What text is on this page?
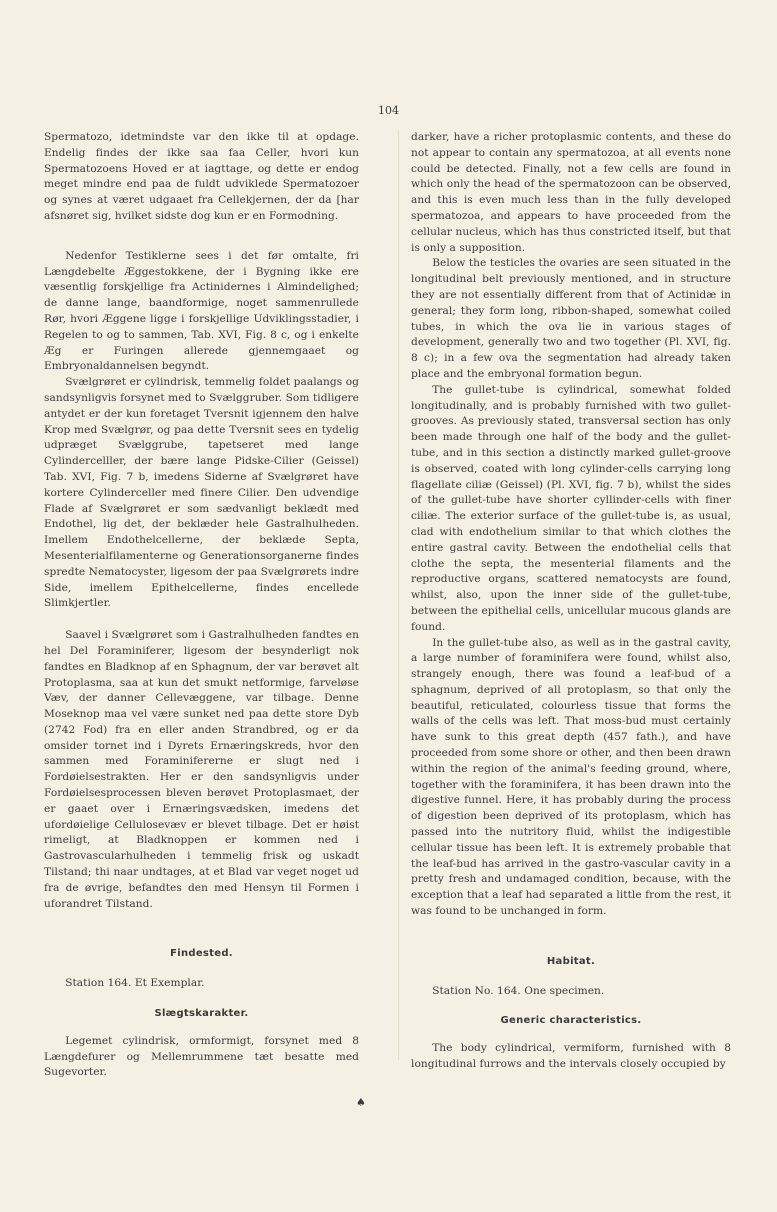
104

Spermatozo, idetmindste var den ikke til at opdage. Endelig findes der ikke saa faa Celler, hvori kun Spermatozoens Hoved er at iagttage, og dette er endog meget mindre end paa de fuldt udviklede Spermatozoer og synes at været udgaaet fra Cellekjernen, der da [har afsnøret sig, hvilket sidste dog kun er en Formodning.

Nedenfor Testiklerne sees i det før omtalte, fri Længdebelte Æggestokkene, der i Bygning ikke ere væsentlig forskjellige fra Actinidernes i Almindelighed; de danne lange, baandformige, noget sammenrullede Rør, hvori Æggene ligge i forskjellige Udviklingsstadier, i Regelen to og to sammen, Tab. XVI, Fig. 8 c, og i enkelte Æg er Furingen allerede gjennemgaaet og Embryonaldannelsen begyndt.

Svælgrøret er cylindrisk, temmelig foldet paalangs og sandsynligvis forsynet med to Svælggruber. Som tidligere antydet er der kun foretaget Tversnit igjennem den halve Krop med Svælgrør, og paa dette Tversnit sees en tydelig udpræget Svælggrube, tapetseret med lange Cylindercelller, der bære lange Pidske-Cilier (Geissel) Tab. XVI, Fig. 7 b, imedens Siderne af Svælgrøret have kortere Cylinderceller med finere Cilier. Den udvendige Flade af Svælgrøret er som sædvanligt beklædt med Endothel, lig det, der beklæder hele Gastralhulheden. Imellem Endothelcellerne, der beklæde Septa, Mesenterialfilamenterne og Generationsorganerne findes spredte Nematocyster, ligesom der paa Svælgrørets indre Side, imellem Epithelcellerne, findes encellede Slimkjertler.

Saavel i Svælgrøret som i Gastralhulheden fandtes en hel Del Foraminiferer, ligesom der besynderligt nok fandtes en Bladknop af en Sphagnum, der var berøvet alt Protoplasma, saa at kun det smukt netformige, farveløse Væv, der danner Cellevæggene, var tilbage. Denne Moseknop maa vel være sunket ned paa dette store Dyb (2742 Fod) fra en eller anden Strandbred, og er da omsider tornet ind i Dyrets Ernæringskreds, hvor den sammen med Foraminifererne er slugt ned i Fordøielsestrakten. Her er den sandsynligvis under Fordøielsesprocessen bleven berøvet Protoplasmaet, der er gaaet over i Ernæringsvædsken, imedens det ufordøielige Cellulosevæv er blevet tilbage. Det er høist rimeligt, at Bladknoppen er kommen ned i Gastrovascularhulheden i temmelig frisk og uskadt Tilstand; thi naar undtages, at et Blad var veget noget ud fra de øvrige, befandtes den med Hensyn til Formen i uforandret Tilstand.

Findested.

Station 164. Et Exemplar.

Slægtskarakter.

Legemet cylindrisk, ormformigt, forsynet med 8 Længdefurer og Mellemrummene tæt besatte med Sugevorter.

darker, have a richer protoplasmic contents, and these do not appear to contain any spermatozoa, at all events none could be detected. Finally, not a few cells are found in which only the head of the spermatozoon can be observed, and this is even much less than in the fully developed spermatozoa, and appears to have proceeded from the cellular nucleus, which has thus constricted itself, but that is only a supposition.

Below the testicles the ovaries are seen situated in the longitudinal belt previously mentioned, and in structure they are not essentially different from that of Actinidæ in general; they form long, ribbon-shaped, somewhat coiled tubes, in which the ova lie in various stages of development, generally two and two together (Pl. XVI, fig. 8 c); in a few ova the segmentation had already taken place and the embryonal formation begun.

The gullet-tube is cylindrical, somewhat folded longitudinally, and is probably furnished with two gullet-grooves. As previously stated, transversal section has only been made through one half of the body and the gullet-tube, and in this section a distinctly marked gullet-groove is observed, coated with long cylinder-cells carrying long flagellate ciliæ (Geissel) (Pl. XVI, fig. 7 b), whilst the sides of the gullet-tube have shorter cyllinder-cells with finer ciliæ. The exterior surface of the gullet-tube is, as usual, clad with endothelium similar to that which clothes the entire gastral cavity. Between the endothelial cells that clothe the septa, the mesenterial filaments and the reproductive organs, scattered nematocysts are found, whilst, also, upon the inner side of the gullet-tube, between the epithelial cells, unicellular mucous glands are found.

In the gullet-tube also, as well as in the gastral cavity, a large number of foraminifera were found, whilst also, strangely enough, there was found a leaf-bud of a sphagnum, deprived of all protoplasm, so that only the beautiful, reticulated, colourless tissue that forms the walls of the cells was left. That moss-bud must certainly have sunk to this great depth (457 fath.), and have proceeded from some shore or other, and then been drawn within the region of the animal's feeding ground, where, together with the foraminifera, it has been drawn into the digestive funnel. Here, it has probably during the process of digestion been deprived of its protoplasm, which has passed into the nutritory fluid, whilst the indigestible cellular tissue has been left. It is extremely probable that the leaf-bud has arrived in the gastro-vascular cavity in a pretty fresh and undamaged condition, because, with the exception that a leaf had separated a little from the rest, it was found to be unchanged in form.

Habitat.

Station No. 164. One specimen.

Generic characteristics.

The body cylindrical, vermiform, furnished with 8 longitudinal furrows and the intervals closely occupied by

♠
